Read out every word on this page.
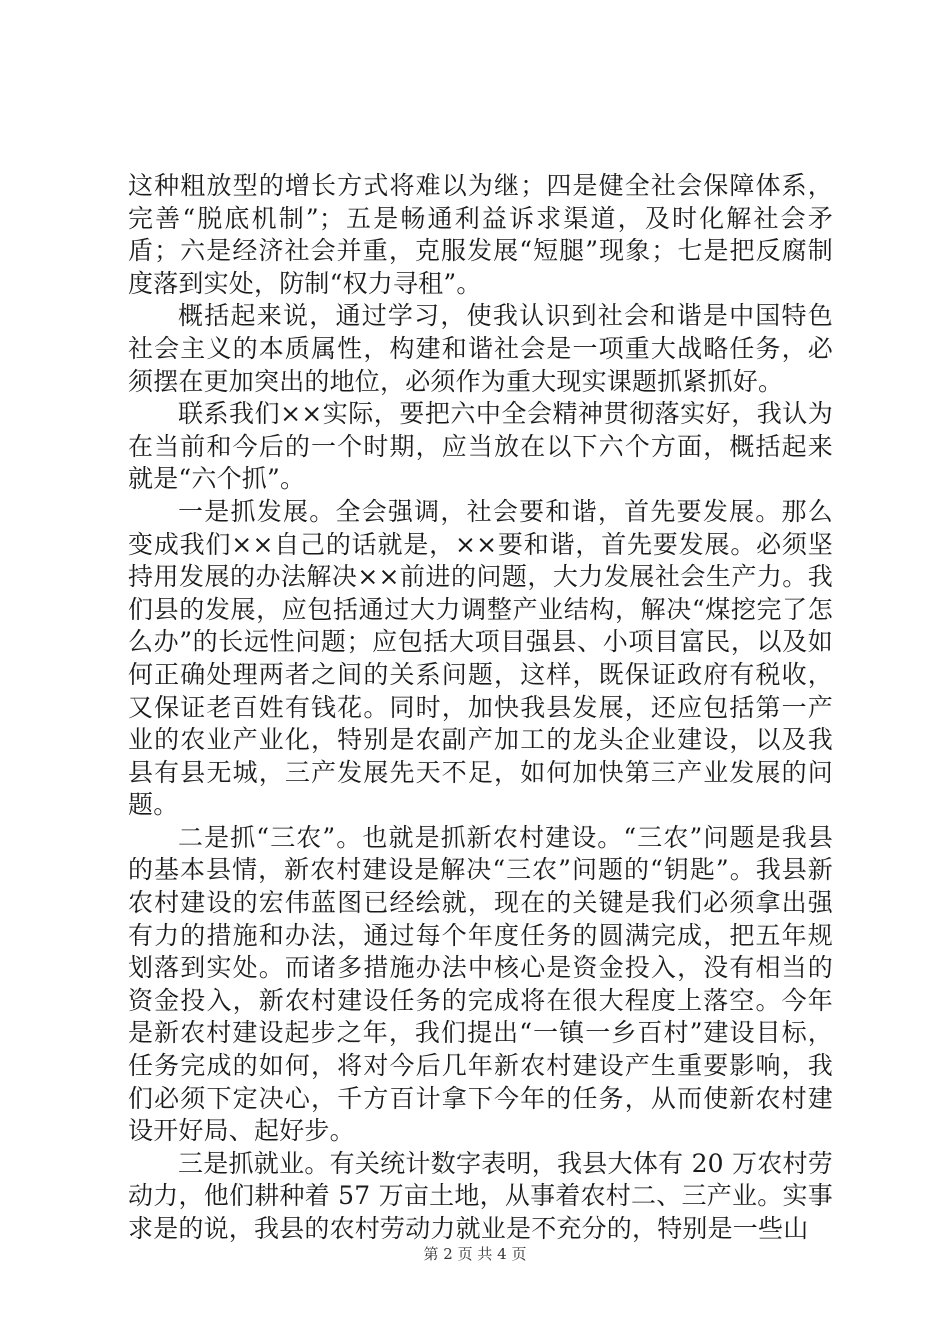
这种粗放型的增长方式将难以为继；四是健全社会保障体系，完善“脱底机制”；五是畅通利益诉求渠道，及时化解社会矛盾；六是经济社会并重，克服发展“短腿”现象；七是把反腐制度落到实处，防制“权力寻租”。

概括起来说，通过学习，使我认识到社会和谐是中国特色社会主义的本质属性，构建和谐社会是一项重大战略任务，必须摆在更加突出的地位，必须作为重大现实课题抓紧抓好。

联系我们××实际，要把六中全会精神贯彻落实好，我认为在当前和今后的一个时期，应当放在以下六个方面，概括起来就是“六个抓”。

一是抓发展。全会强调，社会要和谐，首先要发展。那么变成我们××自己的话就是，××要和谐，首先要发展。必须坚持用发展的办法解决××前进的问题，大力发展社会生产力。我们县的发展，应包括通过大力调整产业结构，解决“煤挖完了怎么办”的长远性问题；应包括大项目强县、小项目富民，以及如何正确处理两者之间的关系问题，这样，既保证政府有税收，又保证老百姓有钱花。同时，加快我县发展，还应包括第一产业的农业产业化，特别是农副产加工的龙头企业建设，以及我县有县无城，三产发展先天不足，如何加快第三产业发展的问题。

二是抓“三农”。也就是抓新农村建设。“三农”问题是我县的基本县情，新农村建设是解决“三农”问题的“钥匙”。我县新农村建设的宏伟蓝图已经绘就，现在的关键是我们必须拿出强有力的措施和办法，通过每个年度任务的圆满完成，把五年规划落到实处。而诸多措施办法中核心是资金投入，没有相当的资金投入，新农村建设任务的完成将在很大程度上落空。今年是新农村建设起步之年，我们提出“一镇一乡百村”建设目标，任务完成的如何，将对今后几年新农村建设产生重要影响，我们必须下定决心，千方百计拿下今年的任务，从而使新农村建设开好局、起好步。

三是抓就业。有关统计数字表明，我县大体有 20 万农村劳动力，他们耕种着 57 万亩土地，从事着农村二、三产业。实事求是的说，我县的农村劳动力就业是不充分的，特别是一些山

第 2 页 共 4 页
